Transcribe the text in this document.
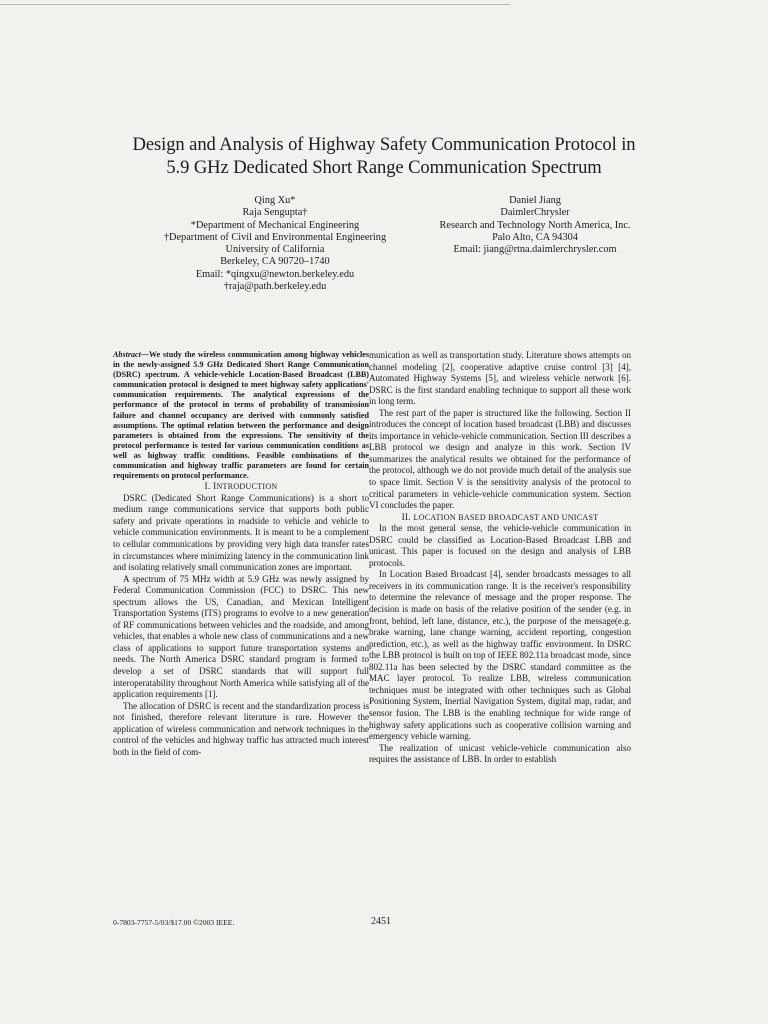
Design and Analysis of Highway Safety Communication Protocol in
5.9 GHz Dedicated Short Range Communication Spectrum
Qing Xu*
Raja Sengupta†
*Department of Mechanical Engineering
†Department of Civil and Environmental Engineering
University of California
Berkeley, CA 90720–1740
Email: *qingxu@newton.berkeley.edu
†raja@path.berkeley.edu
Daniel Jiang
DaimlerChrysler
Research and Technology North America, Inc.
Palo Alto, CA 94304
Email: jiang@rtna.daimlerchrysler.com

Abstract—We study the wireless communication among highway vehicles in the newly-assigned 5.9 GHz Dedicated Short Range Communication (DSRC) spectrum. A vehicle-vehicle Location-Based Broadcast (LBB) communication protocol is designed to meet highway safety applications' communication requirements. The analytical expressions of the performance of the protocol in terms of probability of transmission failure and channel occupancy are derived with commonly satisfied assumptions. The optimal relation between the performance and design parameters is obtained from the expressions. The sensitivity of the protocol performance is tested for various communication conditions as well as highway traffic conditions. Feasible combinations of the communication and highway traffic parameters are found for certain requirements on protocol performance.

I. INTRODUCTION

DSRC (Dedicated Short Range Communications) is a short to medium range communications service that supports both public safety and private operations in roadside to vehicle and vehicle to vehicle communication environments. It is meant to be a complement to cellular communications by providing very high data transfer rates in circumstances where minimizing latency in the communication link and isolating relatively small communication zones are important.

A spectrum of 75 MHz width at 5.9 GHz was newly assigned by Federal Communication Commission (FCC) to DSRC. This new spectrum allows the US, Canadian, and Mexican Intelligent Transportation Systems (ITS) programs to evolve to a new generation of RF communications between vehicles and the roadside, and among vehicles, that enables a whole new class of communications and a new class of applications to support future transportation systems and needs. The North America DSRC standard program is formed to develop a set of DSRC standards that will support full interoperatability throughout North America while satisfying all of the application requirements [1].

The allocation of DSRC is recent and the standardization process is not finished, therefore relevant literature is rare. However the application of wireless communication and network techniques in the control of the vehicles and highway traffic has attracted much interest both in the field of com-

munication as well as transportation study. Literature shows attempts on channel modeling [2], cooperative adaptive cruise control [3] [4], Automated Highway Systems [5], and wireless vehicle network [6]. DSRC is the first standard enabling technique to support all these work in long term.

The rest part of the paper is structured like the following. Section II introduces the concept of location based broadcast (LBB) and discusses its importance in vehicle-vehicle communication. Section III describes a LBB protocol we design and analyze in this work. Section IV summarizes the analytical results we obtained for the performance of the protocol, although we do not provide much detail of the analysis sue to space limit. Section V is the sensitivity analysis of the protocol to critical parameters in vehicle-vehicle communication system. Section VI concludes the paper.

II. LOCATION BASED BROADCAST AND UNICAST

In the most general sense, the vehicle-vehicle communication in DSRC could be classified as Location-Based Broadcast LBB and unicast. This paper is focused on the design and analysis of LBB protocols.

In Location Based Broadcast [4], sender broadcasts messages to all receivers in its communication range. It is the receiver's responsibility to determine the relevance of message and the proper response. The decision is made on basis of the relative position of the sender (e.g. in front, behind, left lane, distance, etc.), the purpose of the message(e.g. brake warning, lane change warning, accident reporting, congestion prediction, etc.), as well as the highway traffic environment. In DSRC the LBB protocol is built on top of IEEE 802.11a broadcast mode, since 802.11a has been selected by the DSRC standard committee as the MAC layer protocol. To realize LBB, wireless communication techniques must be integrated with other techniques such as Global Positioning System, Inertial Navigation System, digital map, radar, and sensor fusion. The LBB is the enabling technique for wide range of highway safety applications such as cooperative collision warning and emergency vehicle warning.

The realization of unicast vehicle-vehicle communication also requires the assistance of LBB. In order to establish

0-7803-7757-5/03/$17.00 ©2003 IEEE.	2451
